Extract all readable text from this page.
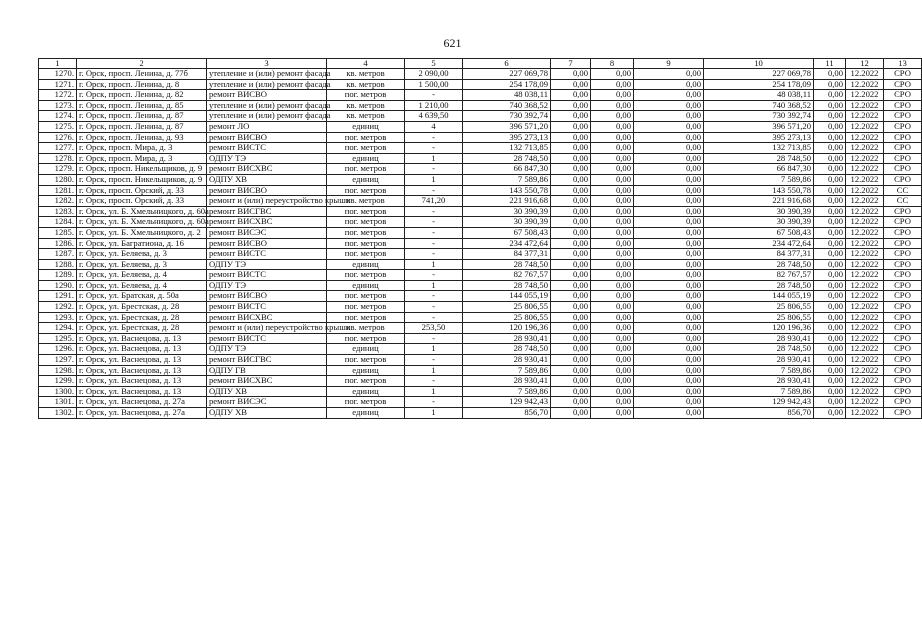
621
1	2	3	4	5	6	7	8	9	10	11	12	13
1270.	г. Орск, просп. Ленина, д. 77б	утепление и (или) ремонт фасада	кв. метров	2 090,00	227 069,78	0,00	0,00	0,00	227 069,78	0,00	12.2022	СРО
1271.	г. Орск, просп. Ленина, д. 8	утепление и (или) ремонт фасада	кв. метров	1 500,00	254 178,09	0,00	0,00	0,00	254 178,09	0,00	12.2022	СРО
1272.	г. Орск, просп. Ленина, д. 82	ремонт ВИСВО	пог. метров	-	48 038,11	0,00	0,00	0,00	48 038,11	0,00	12.2022	СРО
1273.	г. Орск, просп. Ленина, д. 85	утепление и (или) ремонт фасада	кв. метров	1 210,00	740 368,52	0,00	0,00	0,00	740 368,52	0,00	12.2022	СРО
1274.	г. Орск, просп. Ленина, д. 87	утепление и (или) ремонт фасада	кв. метров	4 639,50	730 392,74	0,00	0,00	0,00	730 392,74	0,00	12.2022	СРО
1275.	г. Орск, просп. Ленина, д. 87	ремонт ЛО	единиц	4	396 571,20	0,00	0,00	0,00	396 571,20	0,00	12.2022	СРО
1276.	г. Орск, просп. Ленина, д. 93	ремонт ВИСВО	пог. метров	-	395 273,13	0,00	0,00	0,00	395 273,13	0,00	12.2022	СРО
1277.	г. Орск, просп. Мира, д. 3	ремонт ВИСТС	пог. метров	-	132 713,85	0,00	0,00	0,00	132 713,85	0,00	12.2022	СРО
1278.	г. Орск, просп. Мира, д. 3	ОДПУ ТЭ	единиц	1	28 748,50	0,00	0,00	0,00	28 748,50	0,00	12.2022	СРО
1279.	г. Орск, просп. Никельщиков, д. 9	ремонт ВИСХВС	пог. метров	-	66 847,30	0,00	0,00	0,00	66 847,30	0,00	12.2022	СРО
1280.	г. Орск, просп. Никельщиков, д. 9	ОДПУ ХВ	единиц	1	7 589,86	0,00	0,00	0,00	7 589,86	0,00	12.2022	СРО
1281.	г. Орск, просп. Орский, д. 33	ремонт ВИСВО	пог. метров	-	143 550,78	0,00	0,00	0,00	143 550,78	0,00	12.2022	СС
1282.	г. Орск, просп. Орский, д. 33	ремонт и (или) переустройство крыши	кв. метров	741,20	221 916,68	0,00	0,00	0,00	221 916,68	0,00	12.2022	СС
1283.	г. Орск, ул. Б. Хмельницкого, д. 60а	ремонт ВИСГВС	пог. метров	-	30 390,39	0,00	0,00	0,00	30 390,39	0,00	12.2022	СРО
1284.	г. Орск, ул. Б. Хмельницкого, д. 60а	ремонт ВИСХВС	пог. метров	-	30 390,39	0,00	0,00	0,00	30 390,39	0,00	12.2022	СРО
1285.	г. Орск, ул. Б. Хмельницкого, д. 2	ремонт ВИСЭС	пог. метров	-	67 508,43	0,00	0,00	0,00	67 508,43	0,00	12.2022	СРО
1286.	г. Орск, ул. Багратиона, д. 16	ремонт ВИСВО	пог. метров	-	234 472,64	0,00	0,00	0,00	234 472,64	0,00	12.2022	СРО
1287.	г. Орск, ул. Беляева, д. 3	ремонт ВИСТС	пог. метров	-	84 377,31	0,00	0,00	0,00	84 377,31	0,00	12.2022	СРО
1288.	г. Орск, ул. Беляева, д. 3	ОДПУ ТЭ	единиц	1	28 748,50	0,00	0,00	0,00	28 748,50	0,00	12.2022	СРО
1289.	г. Орск, ул. Беляева, д. 4	ремонт ВИСТС	пог. метров	-	82 767,57	0,00	0,00	0,00	82 767,57	0,00	12.2022	СРО
1290.	г. Орск, ул. Беляева, д. 4	ОДПУ ТЭ	единиц	1	28 748,50	0,00	0,00	0,00	28 748,50	0,00	12.2022	СРО
1291.	г. Орск, ул. Братская, д. 50а	ремонт ВИСВО	пог. метров	-	144 055,19	0,00	0,00	0,00	144 055,19	0,00	12.2022	СРО
1292.	г. Орск, ул. Брестская, д. 28	ремонт ВИСТС	пог. метров	-	25 806,55	0,00	0,00	0,00	25 806,55	0,00	12.2022	СРО
1293.	г. Орск, ул. Брестская, д. 28	ремонт ВИСХВС	пог. метров	-	25 806,55	0,00	0,00	0,00	25 806,55	0,00	12.2022	СРО
1294.	г. Орск, ул. Брестская, д. 28	ремонт и (или) переустройство крыши	кв. метров	253,50	120 196,36	0,00	0,00	0,00	120 196,36	0,00	12.2022	СРО
1295.	г. Орск, ул. Васнецова, д. 13	ремонт ВИСТС	пог. метров	-	28 930,41	0,00	0,00	0,00	28 930,41	0,00	12.2022	СРО
1296.	г. Орск, ул. Васнецова, д. 13	ОДПУ ТЭ	единиц	1	28 748,50	0,00	0,00	0,00	28 748,50	0,00	12.2022	СРО
1297.	г. Орск, ул. Васнецова, д. 13	ремонт ВИСГВС	пог. метров	-	28 930,41	0,00	0,00	0,00	28 930,41	0,00	12.2022	СРО
1298.	г. Орск, ул. Васнецова, д. 13	ОДПУ ГВ	единиц	1	7 589,86	0,00	0,00	0,00	7 589,86	0,00	12.2022	СРО
1299.	г. Орск, ул. Васнецова, д. 13	ремонт ВИСХВС	пог. метров	-	28 930,41	0,00	0,00	0,00	28 930,41	0,00	12.2022	СРО
1300.	г. Орск, ул. Васнецова, д. 13	ОДПУ ХВ	единиц	1	7 589,86	0,00	0,00	0,00	7 589,86	0,00	12.2022	СРО
1301.	г. Орск, ул. Васнецова, д. 27а	ремонт ВИСЭС	пог. метров	-	129 942,43	0,00	0,00	0,00	129 942,43	0,00	12.2022	СРО
1302.	г. Орск, ул. Васнецова, д. 27а	ОДПУ ХВ	единиц	1	856,70	0,00	0,00	0,00	856,70	0,00	12.2022	СРО
